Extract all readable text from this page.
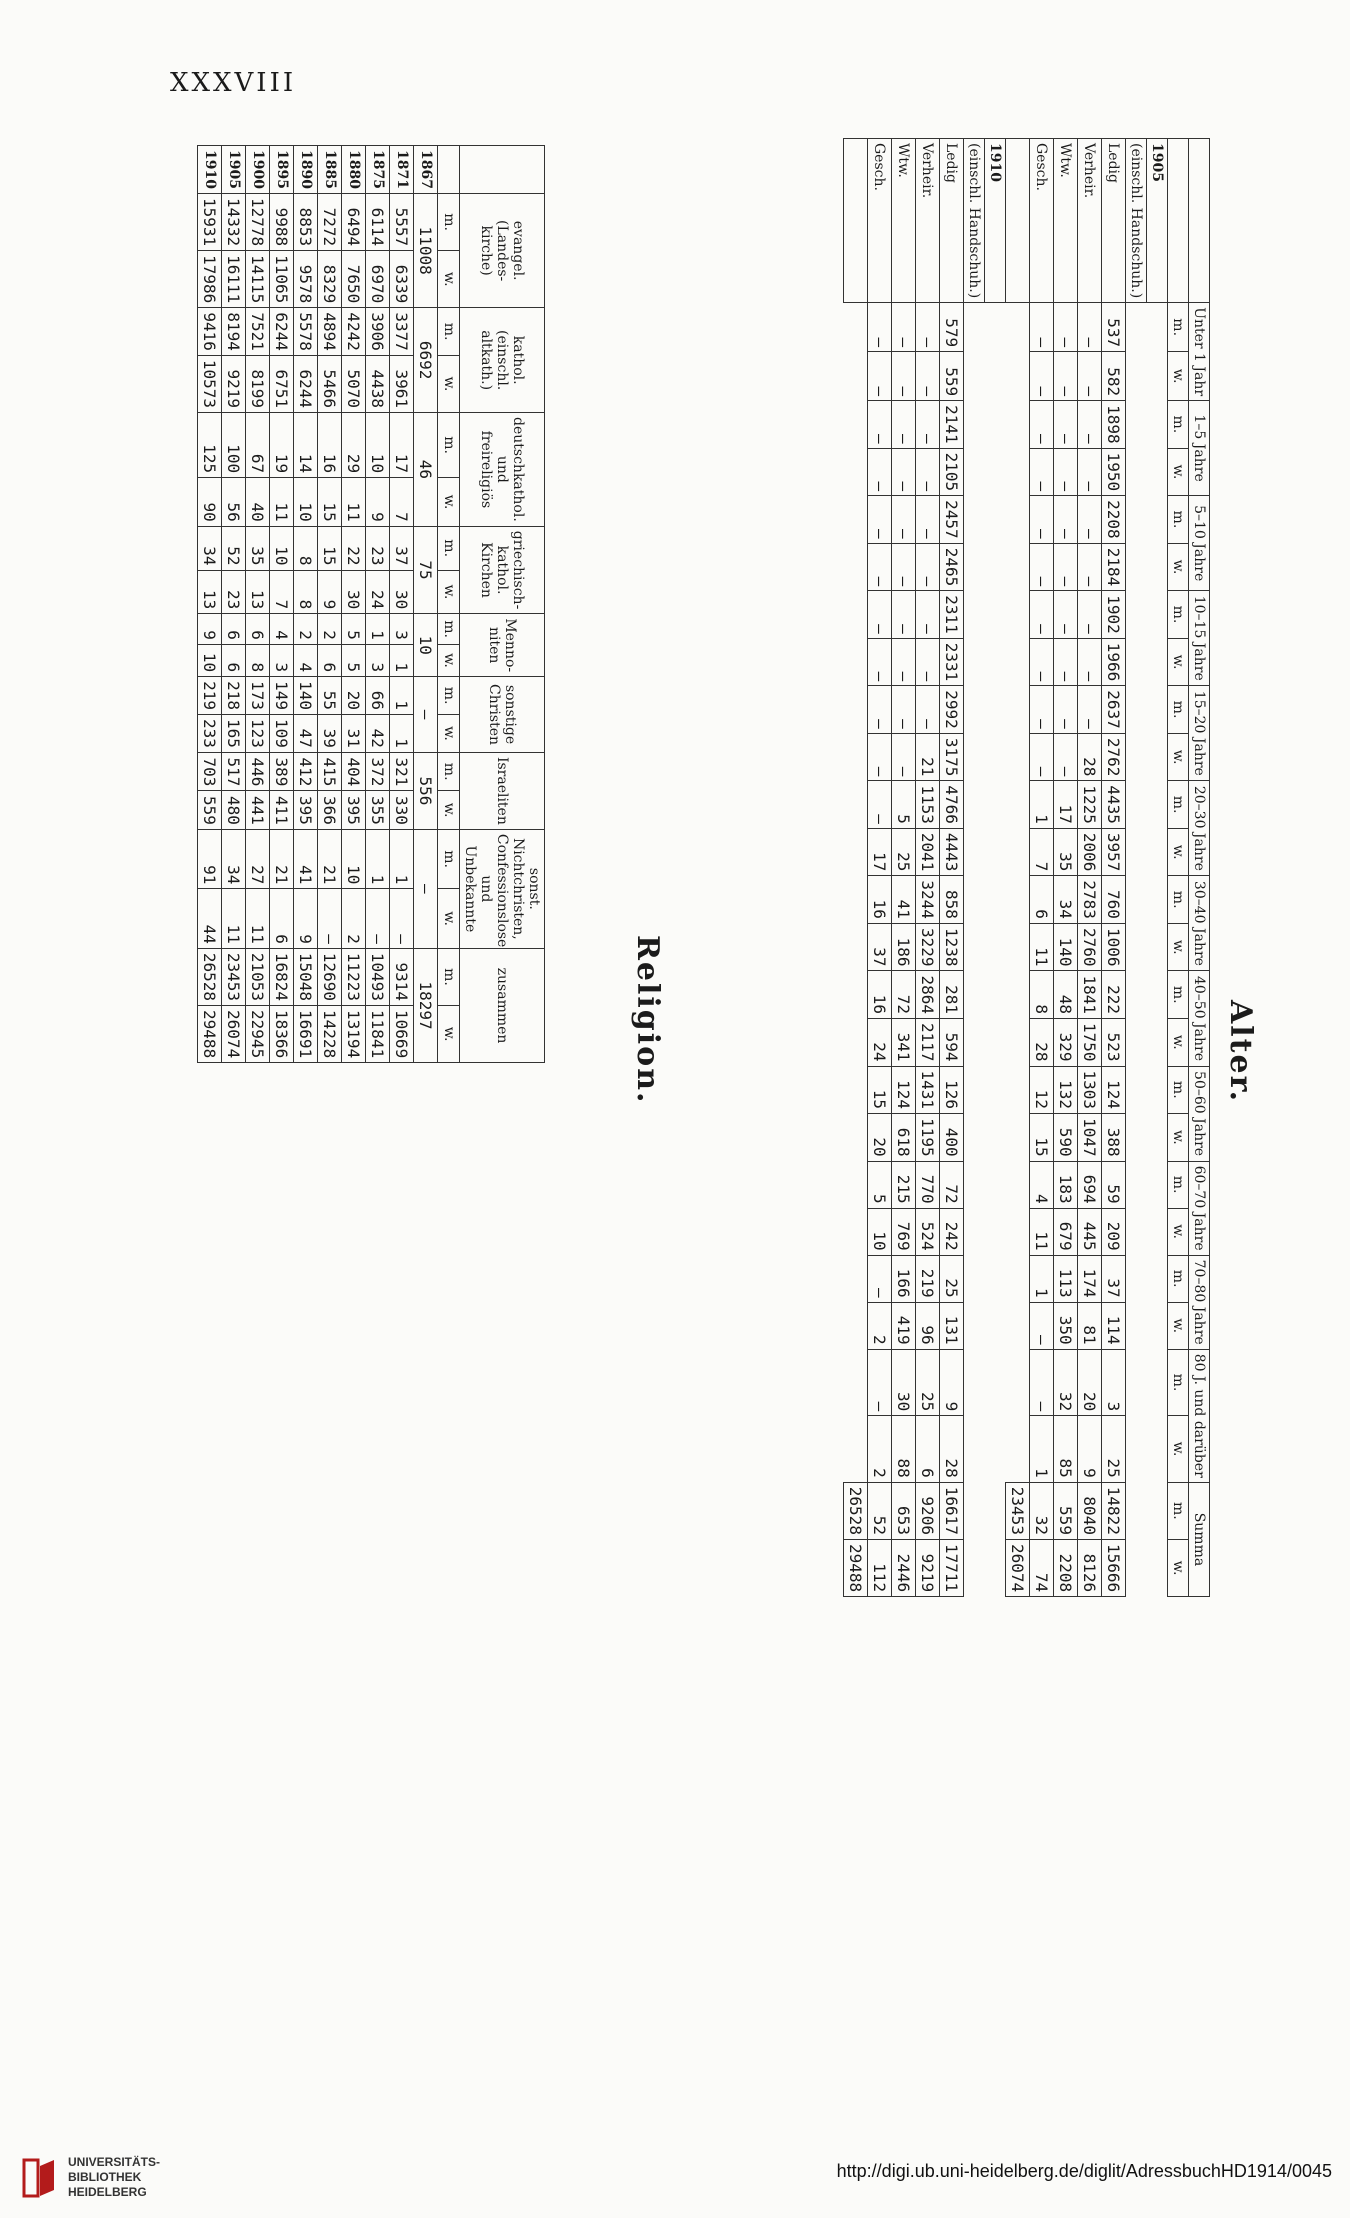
XXXVIII
Religion.
	evangel. (Landes-kirche)		kathol. (einschl. altkath.)		deutschkathol. und freireligiös		griechisch-kathol. Kirchen		Menno-niten		sonstige Christen		Israeliten		sonst. Nichtchristen, Confessionslose und Unbekannte		zusammen	
	m.	w.	m.	w.	m.	w.	m.	w.	m.	w.	m.	w.	m.	w.	m.	w.	m.	w.
1867	11008		6692		46		75		10		—		556		—		18297	
1871	5557	6339	3377	3961	17	7	37	30	3	1	1	1	321	330	1	—	9314	10669
1875	6114	6970	3906	4438	10	9	23	24	1	3	66	42	372	355	1	—	10493	11841
1880	6494	7650	4242	5070	29	11	22	30	5	5	20	31	404	395	10	2	11223	13194
1885	7272	8329	4894	5466	16	15	15	9	2	6	55	39	415	366	21	—	12690	14228
1890	8853	9578	5578	6244	14	10	8	8	2	4	140	47	412	395	41	9	15048	16691
1895	9988	11065	6244	6751	19	11	10	7	4	3	149	109	389	411	21	6	16824	18366
1900	12778	14115	7521	8199	67	40	35	13	6	8	173	123	446	441	27	11	21053	22945
1905	14332	16111	8194	9219	100	56	52	23	6	6	218	165	517	480	34	11	23453	26074
1910	15931	17986	9416	10573	125	90	34	13	9	10	219	233	703	559	91	44	26528	29488	Alter.
	Unter 1 Jahr		1–5 Jahre		5–10 Jahre		10–15 Jahre		15–20 Jahre		20–30 Jahre		30–40 Jahre		40–50 Jahre		50–60 Jahre		60–70 Jahre		70–80 Jahre		80 J. und darüber		Summa	
	m.	w.	m.	w.	m.	w.	m.	w.	m.	w.	m.	w.	m.	w.	m.	w.	m.	w.	m.	w.	m.	w.	m.	w.	m.	w.
1905																										
(einschl. Handschuh.)																										
Ledig	537	582	1898	1950	2208	2184	1902	1966	2637	2762	4435	3957	760	1006	222	523	124	388	59	209	37	114	3	25	14822	15666
Verheir.	—	—	—	—	—	—	—	—	—	28	1225	2006	2783	2760	1841	1750	1303	1047	694	445	174	81	20	9	8040	8126
Wtw.	—	—	—	—	—	—	—	—	—	—	17	35	34	140	48	329	132	590	183	679	113	350	32	85	559	2208
Gesch.	—	—	—	—	—	—	—	—	—	—	1	7	6	11	8	28	12	15	4	11	1	—	—	1	32	74
																									23453	26074
1910																										
(einschl. Handschuh.)																										
Ledig	579	559	2141	2105	2457	2465	2311	2331	2992	3175	4766	4443	858	1238	281	594	126	400	72	242	25	131	9	28	16617	17711
Verheir.	—	—	—	—	—	—	—	—	—	21	1153	2041	3244	3229	2864	2117	1431	1195	770	524	219	96	25	6	9206	9219
Wtw.	—	—	—	—	—	—	—	—	—	—	5	25	41	186	72	341	124	618	215	769	166	419	30	88	653	2446
Gesch.	—	—	—	—	—	—	—	—	—	—	—	17	16	37	16	24	15	20	5	10	—	2	—	2	52	112
																									26528	29488
UNIVERSITÄTS-
BIBLIOTHEK
HEIDELBERG
http://digi.ub.uni-heidelberg.de/diglit/AdressbuchHD1914/0045
